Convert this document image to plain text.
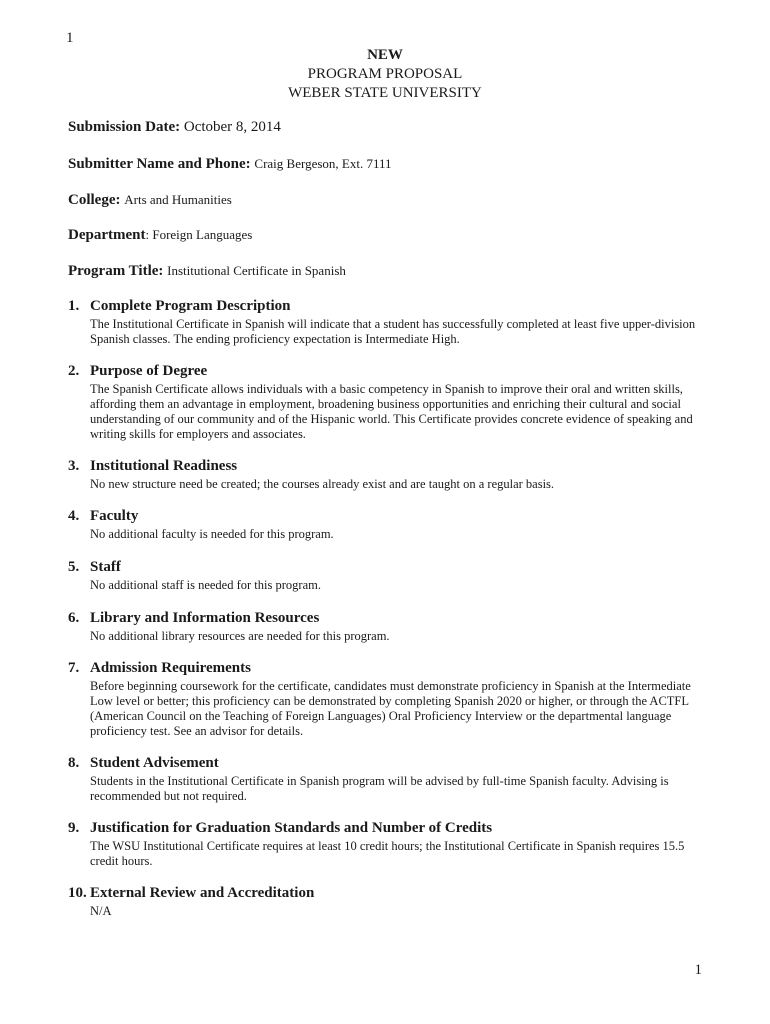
1
NEW
PROGRAM PROPOSAL
WEBER STATE UNIVERSITY
Submission Date: October 8, 2014
Submitter Name and Phone: Craig Bergeson, Ext. 7111
College: Arts and Humanities
Department: Foreign Languages
Program Title: Institutional Certificate in Spanish
1. Complete Program Description
The Institutional Certificate in Spanish will indicate that a student has successfully completed at least five upper-division Spanish classes. The ending proficiency expectation is Intermediate High.
2. Purpose of Degree
The Spanish Certificate allows individuals with a basic competency in Spanish to improve their oral and written skills, affording them an advantage in employment, broadening business opportunities and enriching their cultural and social understanding of our community and of the Hispanic world. This Certificate provides concrete evidence of speaking and writing skills for employers and associates.
3. Institutional Readiness
No new structure need be created; the courses already exist and are taught on a regular basis.
4. Faculty
No additional faculty is needed for this program.
5. Staff
No additional staff is needed for this program.
6. Library and Information Resources
No additional library resources are needed for this program.
7. Admission Requirements
Before beginning coursework for the certificate, candidates must demonstrate proficiency in Spanish at the Intermediate Low level or better; this proficiency can be demonstrated by completing Spanish 2020 or higher, or through the ACTFL (American Council on the Teaching of Foreign Languages) Oral Proficiency Interview or the departmental language proficiency test. See an advisor for details.
8. Student Advisement
Students in the Institutional Certificate in Spanish program will be advised by full-time Spanish faculty. Advising is recommended but not required.
9. Justification for Graduation Standards and Number of Credits
The WSU Institutional Certificate requires at least 10 credit hours; the Institutional Certificate in Spanish requires 15.5 credit hours.
10. External Review and Accreditation
N/A
1
